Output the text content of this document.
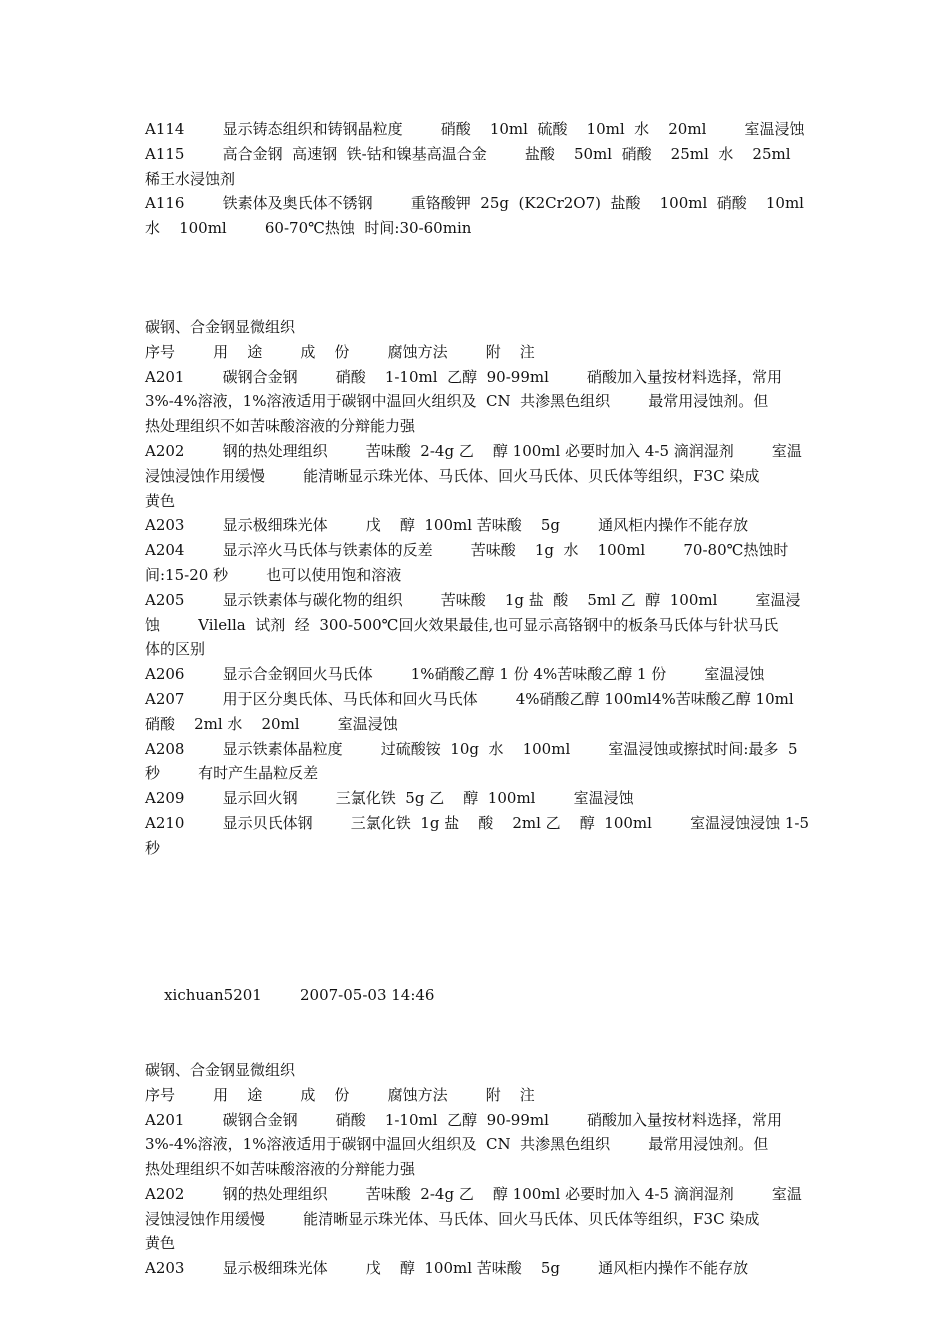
A114        显示铸态组织和铸钢晶粒度        硝酸    10ml  硫酸    10ml  水    20ml        室温浸蚀
A115        高合金钢  高速钢  铁-钴和镍基高温合金        盐酸    50ml  硝酸    25ml  水    25ml
稀王水浸蚀剂
A116        铁素体及奥氏体不锈钢        重铬酸钾  25g  (K2Cr2O7)  盐酸    100ml  硝酸    10ml
水    100ml        60-70℃热蚀  时间:30-60min
碳钢、合金钢显微组织
序号        用    途        成    份        腐蚀方法        附    注
A201        碳钢合金钢        硝酸    1-10ml  乙醇  90-99ml        硝酸加入量按材料选择，常用
3%-4%溶液，1%溶液适用于碳钢中温回火组织及  CN  共渗黑色组织        最常用浸蚀剂。但
热处理组织不如苦味酸溶液的分辩能力强
A202        钢的热处理组织        苦味酸  2-4g 乙    醇 100ml 必要时加入 4-5 滴润湿剂        室温
浸蚀浸蚀作用缓慢        能清晰显示珠光体、马氏体、回火马氏体、贝氏体等组织，F3C 染成
黄色
A203        显示极细珠光体        戊    醇  100ml 苦味酸    5g        通风柜内操作不能存放
A204        显示淬火马氏体与铁素体的反差        苦味酸    1g  水    100ml        70-80℃热蚀时
间:15-20 秒        也可以使用饱和溶液
A205        显示铁素体与碳化物的组织        苦味酸    1g 盐  酸    5ml 乙  醇  100ml        室温浸
蚀        Vilella  试剂  经  300-500℃回火效果最佳,也可显示高铬钢中的板条马氏体与针状马氏
体的区别
A206        显示合金钢回火马氏体        1%硝酸乙醇 1 份 4%苦味酸乙醇 1 份        室温浸蚀
A207        用于区分奥氏体、马氏体和回火马氏体        4%硝酸乙醇 100ml4%苦味酸乙醇 10ml
硝酸    2ml 水    20ml        室温浸蚀
A208        显示铁素体晶粒度        过硫酸铵  10g  水    100ml        室温浸蚀或擦拭时间:最多  5
秒        有时产生晶粒反差
A209        显示回火钢        三氯化铁  5g 乙    醇  100ml        室温浸蚀
A210        显示贝氏体钢        三氯化铁  1g 盐    酸    2ml 乙    醇  100ml        室温浸蚀浸蚀 1-5
秒

xichuan5201	2007-05-03 14:46

碳钢、合金钢显微组织
序号        用    途        成    份        腐蚀方法        附    注
A201        碳钢合金钢        硝酸    1-10ml  乙醇  90-99ml        硝酸加入量按材料选择，常用
3%-4%溶液，1%溶液适用于碳钢中温回火组织及  CN  共渗黑色组织        最常用浸蚀剂。但
热处理组织不如苦味酸溶液的分辩能力强
A202        钢的热处理组织        苦味酸  2-4g 乙    醇 100ml 必要时加入 4-5 滴润湿剂        室温
浸蚀浸蚀作用缓慢        能清晰显示珠光体、马氏体、回火马氏体、贝氏体等组织，F3C 染成
黄色
A203        显示极细珠光体        戊    醇  100ml 苦味酸    5g        通风柜内操作不能存放
